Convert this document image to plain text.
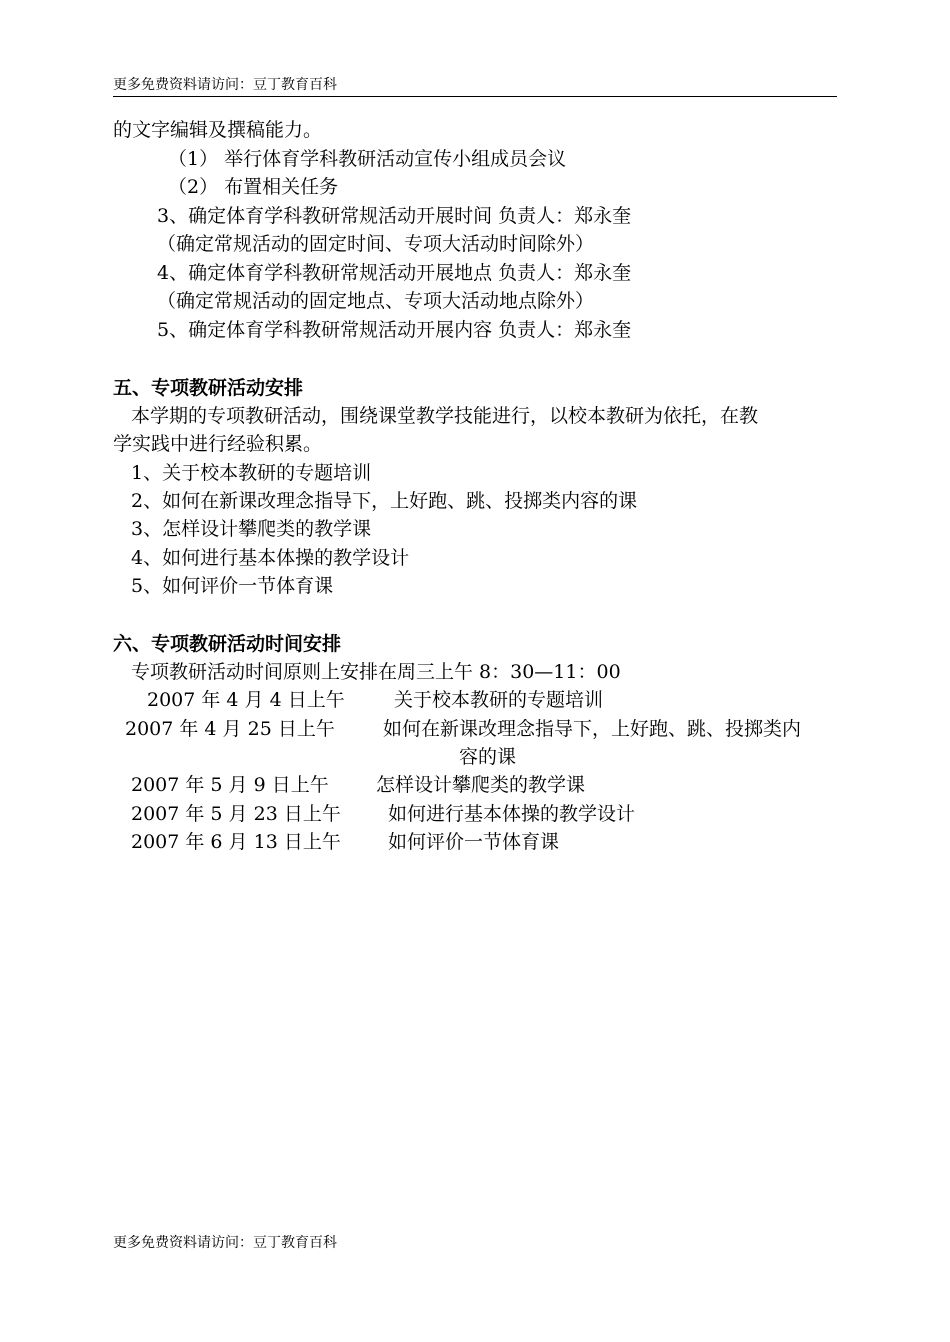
更多免费资料请访问：豆丁教育百科
的文字编辑及撰稿能力。
（1） 举行体育学科教研活动宣传小组成员会议
（2） 布置相关任务
3、确定体育学科教研常规活动开展时间 负责人：郑永奎
（确定常规活动的固定时间、专项大活动时间除外）
4、确定体育学科教研常规活动开展地点 负责人：郑永奎
（确定常规活动的固定地点、专项大活动地点除外）
5、确定体育学科教研常规活动开展内容 负责人：郑永奎
五、专项教研活动安排
本学期的专项教研活动，围绕课堂教学技能进行，以校本教研为依托，在教
学实践中进行经验积累。
1、关于校本教研的专题培训
2、如何在新课改理念指导下，上好跑、跳、投掷类内容的课
3、怎样设计攀爬类的教学课
4、如何进行基本体操的教学设计
5、如何评价一节体育课
六、专项教研活动时间安排
专项教研活动时间原则上安排在周三上午 8：30—11：00
2007 年 4 月 4 日上午	关于校本教研的专题培训
2007 年 4 月 25 日上午	如何在新课改理念指导下，上好跑、跳、投掷类内
容的课
2007 年 5 月 9 日上午 怎样设计攀爬类的教学课
2007 年 5 月 23 日上午 如何进行基本体操的教学设计
2007 年 6 月 13 日上午 如何评价一节体育课
更多免费资料请访问：豆丁教育百科
